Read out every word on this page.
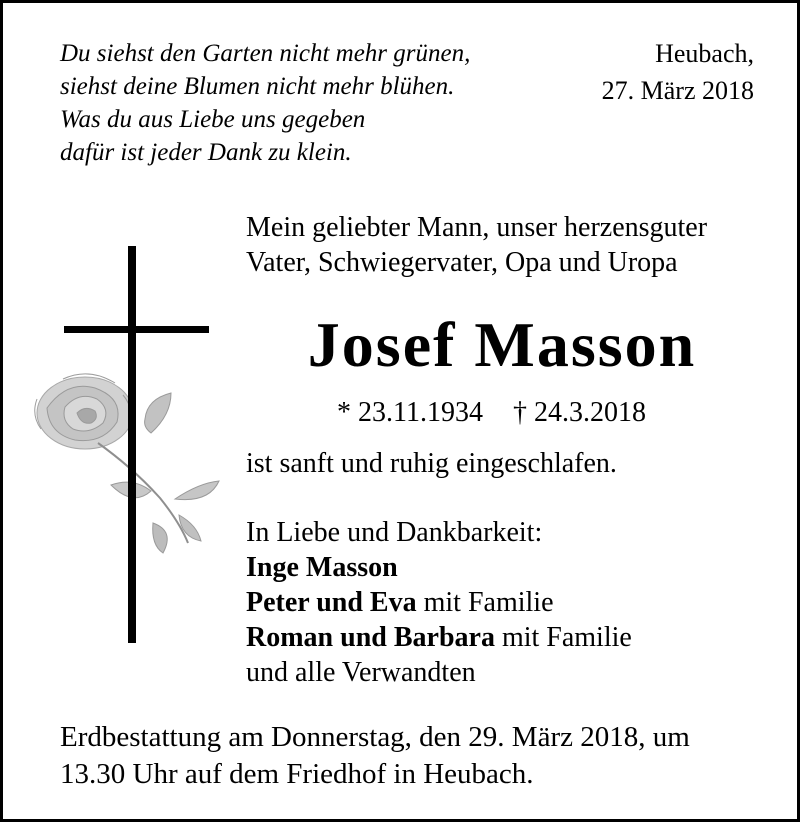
Du siehst den Garten nicht mehr grünen,
siehst deine Blumen nicht mehr blühen.
Was du aus Liebe uns gegeben
dafür ist jeder Dank zu klein.
Heubach,
27. März 2018
Mein geliebter Mann, unser herzensguter
Vater, Schwiegervater, Opa und Uropa
Josef Masson
* 23.11.1934 † 24.3.2018
ist sanft und ruhig eingeschlafen.
In Liebe und Dankbarkeit:
Inge Masson
Peter und Eva mit Familie
Roman und Barbara mit Familie
und alle Verwandten
Erdbestattung am Donnerstag, den 29. März 2018, um
13.30 Uhr auf dem Friedhof in Heubach.
